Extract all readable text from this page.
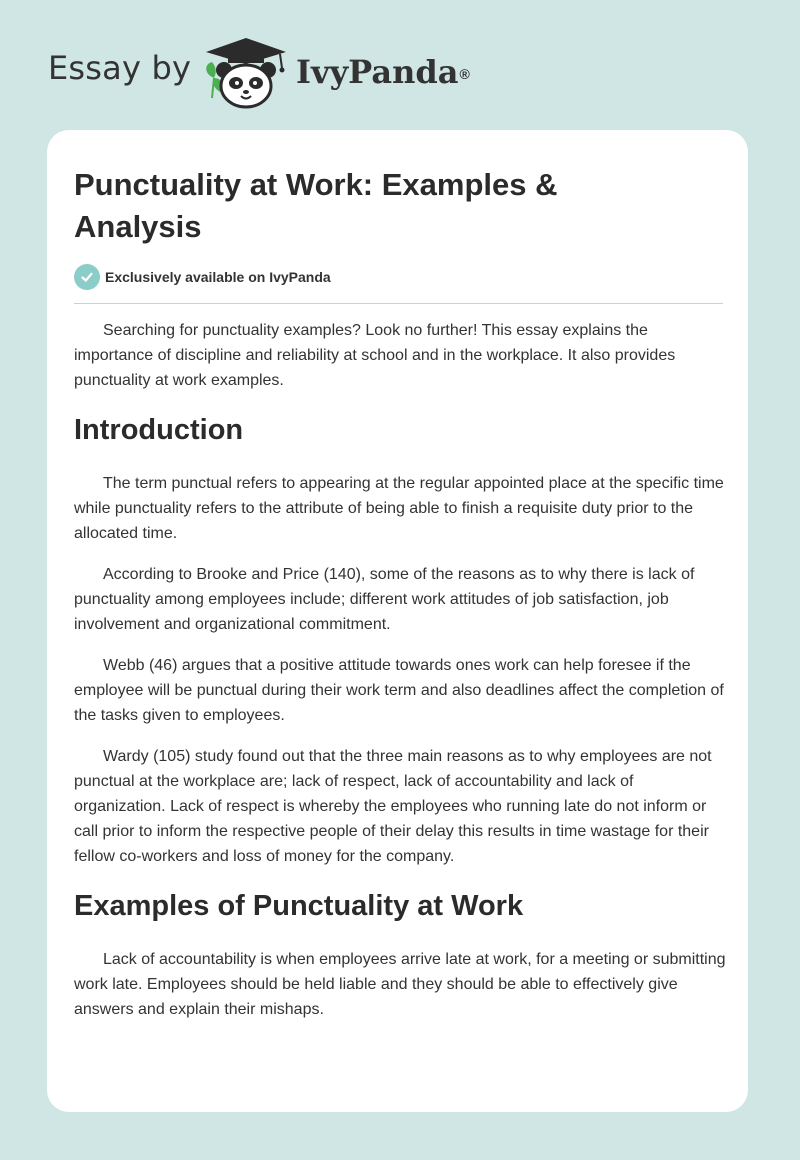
Essay by	IvyPanda®
Punctuality at Work: Examples & Analysis
Exclusively available on IvyPanda

Searching for punctuality examples? Look no further! This essay explains the importance of discipline and reliability at school and in the workplace. It also provides punctuality at work examples.

Introduction

The term punctual refers to appearing at the regular appointed place at the specific time while punctuality refers to the attribute of being able to finish a requisite duty prior to the allocated time.

According to Brooke and Price (140), some of the reasons as to why there is lack of punctuality among employees include; different work attitudes of job satisfaction, job involvement and organizational commitment.

Webb (46) argues that a positive attitude towards ones work can help foresee if the employee will be punctual during their work term and also deadlines affect the completion of the tasks given to employees.

Wardy (105) study found out that the three main reasons as to why employees are not punctual at the workplace are; lack of respect, lack of accountability and lack of organization. Lack of respect is whereby the employees who running late do not inform or call prior to inform the respective people of their delay this results in time wastage for their fellow co-workers and loss of money for the company.

Examples of Punctuality at Work

Lack of accountability is when employees arrive late at work, for a meeting or submitting work late. Employees should be held liable and they should be able to effectively give answers and explain their mishaps.
